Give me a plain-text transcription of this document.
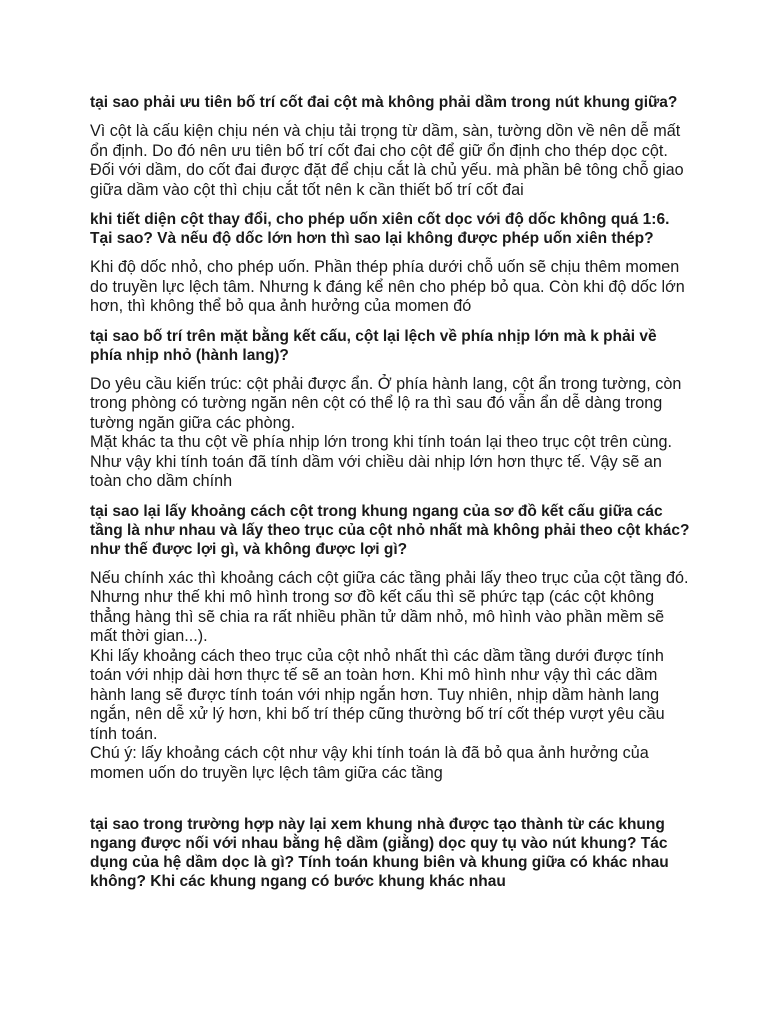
tại sao phải ưu tiên bố trí cốt đai cột mà không phải dầm trong nút khung giữa?

Vì cột là cấu kiện chịu nén và chịu tải trọng từ dầm, sàn, tường dồn về nên dễ mất ổn định. Do đó nên ưu tiên bố trí cốt đai cho cột để giữ ổn định cho thép dọc cột. Đối với dầm, do cốt đai được đặt để chịu cắt là chủ yếu. mà phần bê tông chỗ giao giữa dầm vào cột thì chịu cắt tốt nên k cần thiết bố trí cốt đai

khi tiết diện cột thay đổi, cho phép uốn xiên cốt dọc với độ dốc không quá 1:6. Tại sao? Và nếu độ dốc lớn hơn thì sao lại không được phép uốn xiên thép?

Khi độ dốc nhỏ, cho phép uốn. Phần thép phía dưới chỗ uốn sẽ chịu thêm momen do truyền lực lệch tâm. Nhưng k đáng kể nên cho phép bỏ qua. Còn khi độ dốc lớn hơn, thì không thể bỏ qua ảnh hưởng của momen đó

tại sao bố trí trên mặt bằng kết cấu, cột lại lệch về phía nhịp lớn mà k phải về phía nhịp nhỏ (hành lang)?

Do yêu cầu kiến trúc: cột phải được ẩn. Ở phía hành lang, cột ẩn trong tường, còn trong phòng có tường ngăn nên cột có thể lộ ra thì sau đó vẫn ẩn dễ dàng trong tường ngăn giữa các phòng.

Mặt khác ta thu cột về phía nhịp lớn trong khi tính toán lại theo trục cột trên cùng. Như vậy khi tính toán đã tính dầm với chiều dài nhịp lớn hơn thực tế. Vậy sẽ an toàn cho dầm chính

tại sao lại lấy khoảng cách cột trong khung ngang của sơ đồ kết cấu giữa các tầng là như nhau và lấy theo trục của cột nhỏ nhất mà không phải theo cột khác? như thế được lợi gì, và không được lợi gì?

Nếu chính xác thì khoảng cách cột giữa các tầng phải lấy theo trục của cột tầng đó. Nhưng như thế khi mô hình trong sơ đồ kết cấu thì sẽ phức tạp (các cột không thẳng hàng thì sẽ chia ra rất nhiều phần tử dầm nhỏ, mô hình vào phần mềm sẽ mất thời gian...).

Khi lấy khoảng cách theo trục của cột nhỏ nhất thì các dầm tầng dưới được tính toán với nhịp dài hơn thực tế sẽ an toàn hơn. Khi mô hình như vậy thì các dầm hành lang sẽ được tính toán với nhịp ngắn hơn. Tuy nhiên, nhịp dầm hành lang ngắn, nên dễ xử lý hơn, khi bố trí thép cũng thường bố trí cốt thép vượt yêu cầu tính toán.

Chú ý: lấy khoảng cách cột như vậy khi tính toán là đã bỏ qua ảnh hưởng của momen uốn do truyền lực lệch tâm giữa các tầng

tại sao trong trường hợp này lại xem khung nhà được tạo thành từ các khung ngang được nối với nhau bằng hệ dầm (giằng) dọc quy tụ vào nút khung? Tác dụng của hệ dầm dọc là gì? Tính toán khung biên và khung giữa có khác nhau không? Khi các khung ngang có bước khung khác nhau
